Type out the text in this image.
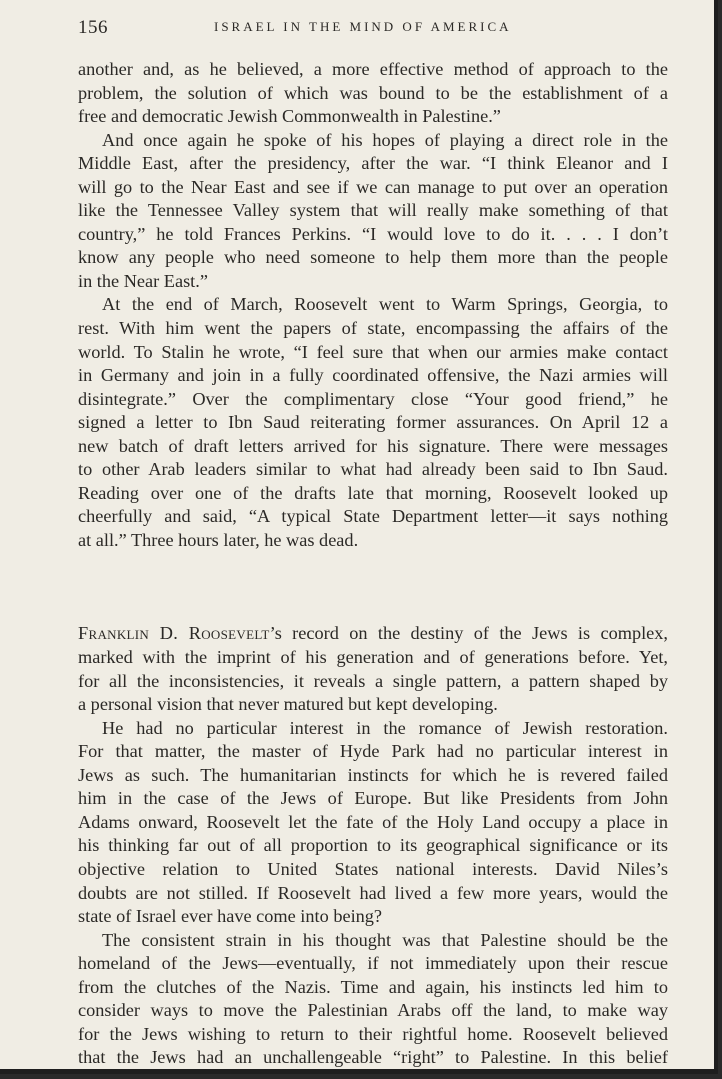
156	ISRAEL IN THE MIND OF AMERICA
another and, as he believed, a more effective method of approach to the
problem, the solution of which was bound to be the establishment of a
free and democratic Jewish Commonwealth in Palestine.”
And once again he spoke of his hopes of playing a direct role in the
Middle East, after the presidency, after the war. “I think Eleanor and I
will go to the Near East and see if we can manage to put over an operation
like the Tennessee Valley system that will really make something of that
country,” he told Frances Perkins. “I would love to do it. . . . I don’t
know any people who need someone to help them more than the people
in the Near East.”
At the end of March, Roosevelt went to Warm Springs, Georgia, to
rest. With him went the papers of state, encompassing the affairs of the
world. To Stalin he wrote, “I feel sure that when our armies make contact
in Germany and join in a fully coordinated offensive, the Nazi armies will
disintegrate.” Over the complimentary close “Your good friend,” he
signed a letter to Ibn Saud reiterating former assurances. On April 12 a
new batch of draft letters arrived for his signature. There were messages
to other Arab leaders similar to what had already been said to Ibn Saud.
Reading over one of the drafts late that morning, Roosevelt looked up
cheerfully and said, “A typical State Department letter—it says nothing
at all.” Three hours later, he was dead.
Franklin D. Roosevelt’s record on the destiny of the Jews is complex,
marked with the imprint of his generation and of generations before. Yet,
for all the inconsistencies, it reveals a single pattern, a pattern shaped by
a personal vision that never matured but kept developing.
He had no particular interest in the romance of Jewish restoration.
For that matter, the master of Hyde Park had no particular interest in
Jews as such. The humanitarian instincts for which he is revered failed
him in the case of the Jews of Europe. But like Presidents from John
Adams onward, Roosevelt let the fate of the Holy Land occupy a place in
his thinking far out of all proportion to its geographical significance or its
objective relation to United States national interests. David Niles’s
doubts are not stilled. If Roosevelt had lived a few more years, would the
state of Israel ever have come into being?
The consistent strain in his thought was that Palestine should be the
homeland of the Jews—eventually, if not immediately upon their rescue
from the clutches of the Nazis. Time and again, his instincts led him to
consider ways to move the Palestinian Arabs off the land, to make way
for the Jews wishing to return to their rightful home. Roosevelt believed
that the Jews had an unchallengeable “right” to Palestine. In this belief
